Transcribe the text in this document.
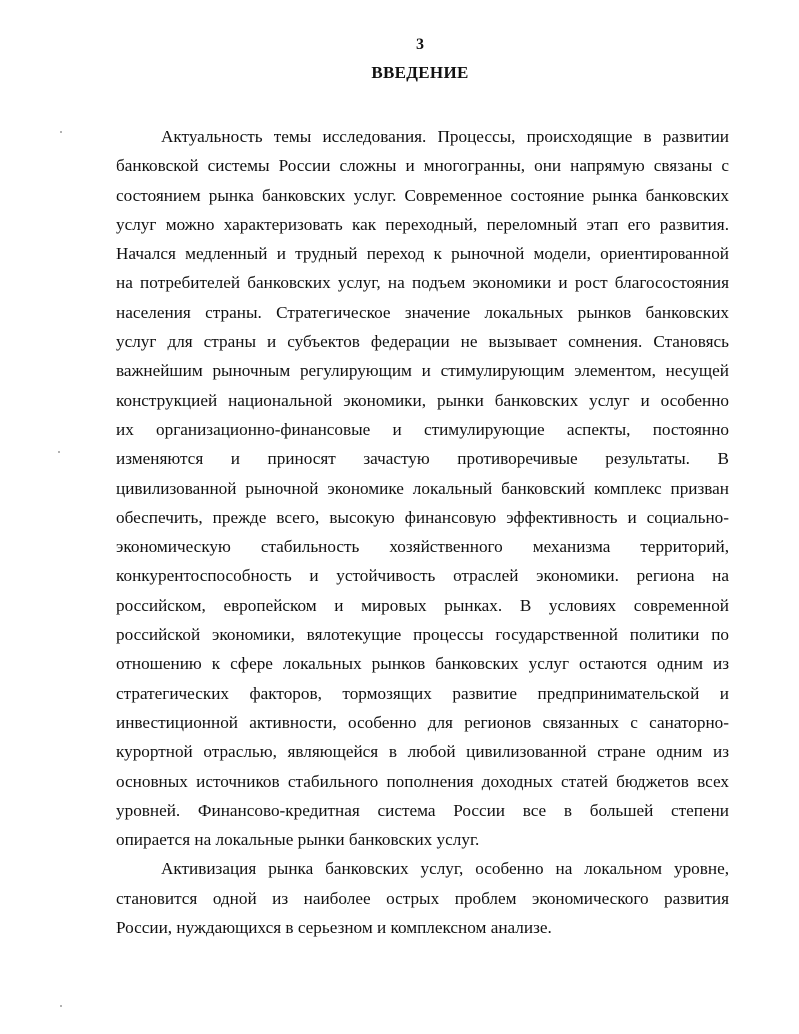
3
ВВЕДЕНИЕ

Актуальность темы исследования. Процессы, происходящие в развитии
банковской системы России сложны и многогранны, они напрямую связаны с
состоянием рынка банковских услуг. Современное состояние рынка банковских
услуг можно характеризовать как переходный, переломный этап его развития.
Начался медленный и трудный переход к рыночной модели, ориентированной
на потребителей банковских услуг, на подъем экономики и рост благосостояния
населения страны. Стратегическое значение локальных рынков банковских
услуг для страны и субъектов федерации не вызывает сомнения. Становясь
важнейшим рыночным регулирующим и стимулирующим элементом, несущей
конструкцией национальной экономики, рынки банковских услуг и особенно
их организационно-финансовые и стимулирующие аспекты, постоянно
изменяются и приносят зачастую противоречивые результаты. В
цивилизованной рыночной экономике локальный банковский комплекс призван
обеспечить, прежде всего, высокую финансовую эффективность и социально-
экономическую стабильность хозяйственного механизма территорий,
конкурентоспособность и устойчивость отраслей экономики. региона на
российском, европейском и мировых рынках. В условиях современной
российской экономики, вялотекущие процессы государственной политики по
отношению к сфере локальных рынков банковских услуг остаются одним из
стратегических факторов, тормозящих развитие предпринимательской и
инвестиционной активности, особенно для регионов связанных с санаторно-
курортной отраслью, являющейся в любой цивилизованной стране одним из
основных источников стабильного пополнения доходных статей бюджетов всех
уровней. Финансово-кредитная система России все в большей степени
опирается на локальные рынки банковских услуг.

Активизация рынка банковских услуг, особенно на локальном уровне,
становится одной из наиболее острых проблем экономического развития
России, нуждающихся в серьезном и комплексном анализе.
